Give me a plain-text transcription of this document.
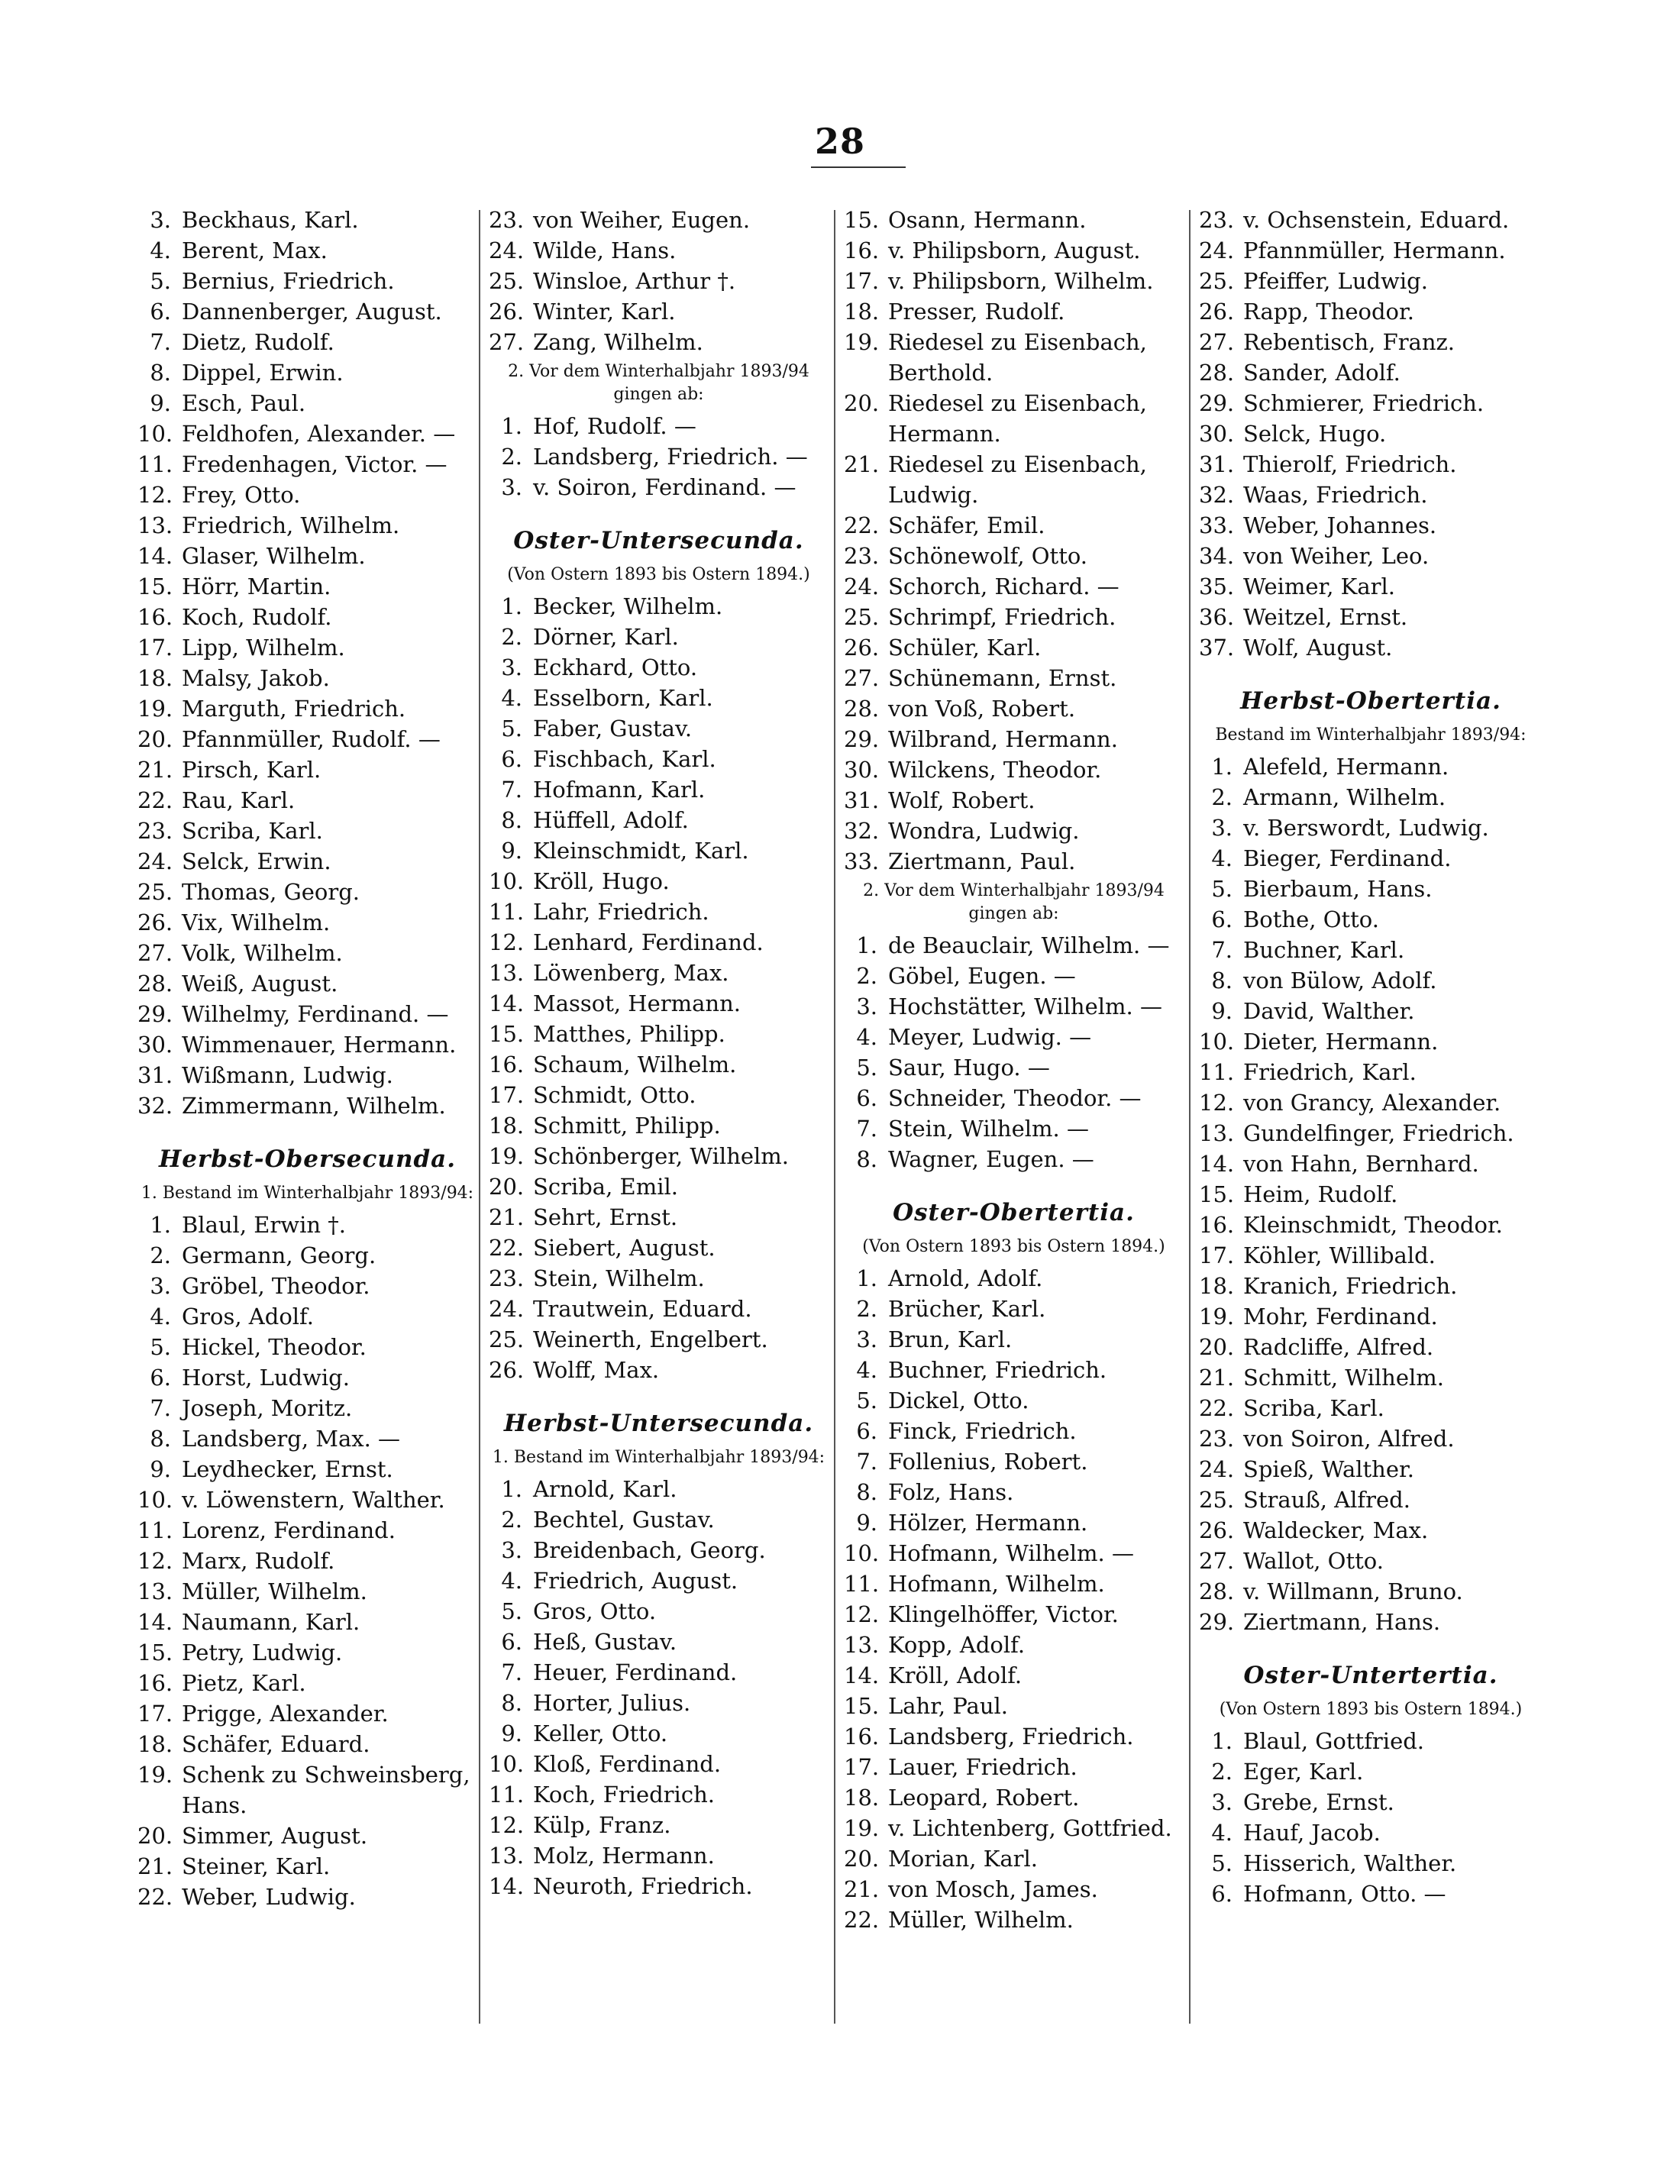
28
3. Beckhaus, Karl.
4. Berent, Max.
5. Bernius, Friedrich.
6. Dannenberger, August.
7. Dietz, Rudolf.
8. Dippel, Erwin.
9. Esch, Paul.
10. Feldhofen, Alexander. —
11. Fredenhagen, Victor. —
12. Frey, Otto.
13. Friedrich, Wilhelm.
14. Glaser, Wilhelm.
15. Hörr, Martin.
16. Koch, Rudolf.
17. Lipp, Wilhelm.
18. Malsy, Jakob.
19. Marguth, Friedrich.
20. Pfannmüller, Rudolf. —
21. Pirsch, Karl.
22. Rau, Karl.
23. Scriba, Karl.
24. Selck, Erwin.
25. Thomas, Georg.
26. Vix, Wilhelm.
27. Volk, Wilhelm.
28. Weiß, August.
29. Wilhelmy, Ferdinand. —
30. Wimmenauer, Hermann.
31. Wißmann, Ludwig.
32. Zimmermann, Wilhelm.
Herbst-Obersecunda.
1. Bestand im Winterhalbjahr 1893/94:
1. Blaul, Erwin †.
2. Germann, Georg.
3. Gröbel, Theodor.
4. Gros, Adolf.
5. Hickel, Theodor.
6. Horst, Ludwig.
7. Joseph, Moritz.
8. Landsberg, Max. —
9. Leydhecker, Ernst.
10. v. Löwenstern, Walther.
11. Lorenz, Ferdinand.
12. Marx, Rudolf.
13. Müller, Wilhelm.
14. Naumann, Karl.
15. Petry, Ludwig.
16. Pietz, Karl.
17. Prigge, Alexander.
18. Schäfer, Eduard.
19. Schenk zu Schweinsberg,
Hans.
20. Simmer, August.
21. Steiner, Karl.
22. Weber, Ludwig.
23. von Weiher, Eugen.
24. Wilde, Hans.
25. Winsloe, Arthur †.
26. Winter, Karl.
27. Zang, Wilhelm.
2. Vor dem Winterhalbjahr 1893/94 gingen ab:
1. Hof, Rudolf. —
2. Landsberg, Friedrich. —
3. v. Soiron, Ferdinand. —
Oster-Untersecunda.
(Von Ostern 1893 bis Ostern 1894.)
1. Becker, Wilhelm.
2. Dörner, Karl.
3. Eckhard, Otto.
4. Esselborn, Karl.
5. Faber, Gustav.
6. Fischbach, Karl.
7. Hofmann, Karl.
8. Hüffell, Adolf.
9. Kleinschmidt, Karl.
10. Kröll, Hugo.
11. Lahr, Friedrich.
12. Lenhard, Ferdinand.
13. Löwenberg, Max.
14. Massot, Hermann.
15. Matthes, Philipp.
16. Schaum, Wilhelm.
17. Schmidt, Otto.
18. Schmitt, Philipp.
19. Schönberger, Wilhelm.
20. Scriba, Emil.
21. Sehrt, Ernst.
22. Siebert, August.
23. Stein, Wilhelm.
24. Trautwein, Eduard.
25. Weinerth, Engelbert.
26. Wolff, Max.
Herbst-Untersecunda.
1. Bestand im Winterhalbjahr 1893/94:
1. Arnold, Karl.
2. Bechtel, Gustav.
3. Breidenbach, Georg.
4. Friedrich, August.
5. Gros, Otto.
6. Heß, Gustav.
7. Heuer, Ferdinand.
8. Horter, Julius.
9. Keller, Otto.
10. Kloß, Ferdinand.
11. Koch, Friedrich.
12. Külp, Franz.
13. Molz, Hermann.
14. Neuroth, Friedrich.
15. Osann, Hermann.
16. v. Philipsborn, August.
17. v. Philipsborn, Wilhelm.
18. Presser, Rudolf.
19. Riedesel zu Eisenbach,
Berthold.
20. Riedesel zu Eisenbach,
Hermann.
21. Riedesel zu Eisenbach,
Ludwig.
22. Schäfer, Emil.
23. Schönewolf, Otto.
24. Schorch, Richard. —
25. Schrimpf, Friedrich.
26. Schüler, Karl.
27. Schünemann, Ernst.
28. von Voß, Robert.
29. Wilbrand, Hermann.
30. Wilckens, Theodor.
31. Wolf, Robert.
32. Wondra, Ludwig.
33. Ziertmann, Paul.
2. Vor dem Winterhalbjahr 1893/94 gingen ab:
1. de Beauclair, Wilhelm. —
2. Göbel, Eugen. —
3. Hochstätter, Wilhelm. —
4. Meyer, Ludwig. —
5. Saur, Hugo. —
6. Schneider, Theodor. —
7. Stein, Wilhelm. —
8. Wagner, Eugen. —
Oster-Obertertia.
(Von Ostern 1893 bis Ostern 1894.)
1. Arnold, Adolf.
2. Brücher, Karl.
3. Brun, Karl.
4. Buchner, Friedrich.
5. Dickel, Otto.
6. Finck, Friedrich.
7. Follenius, Robert.
8. Folz, Hans.
9. Hölzer, Hermann.
10. Hofmann, Wilhelm. —
11. Hofmann, Wilhelm.
12. Klingelhöffer, Victor.
13. Kopp, Adolf.
14. Kröll, Adolf.
15. Lahr, Paul.
16. Landsberg, Friedrich.
17. Lauer, Friedrich.
18. Leopard, Robert.
19. v. Lichtenberg, Gottfried.
20. Morian, Karl.
21. von Mosch, James.
22. Müller, Wilhelm.
23. v. Ochsenstein, Eduard.
24. Pfannmüller, Hermann.
25. Pfeiffer, Ludwig.
26. Rapp, Theodor.
27. Rebentisch, Franz.
28. Sander, Adolf.
29. Schmierer, Friedrich.
30. Selck, Hugo.
31. Thierolf, Friedrich.
32. Waas, Friedrich.
33. Weber, Johannes.
34. von Weiher, Leo.
35. Weimer, Karl.
36. Weitzel, Ernst.
37. Wolf, August.
Herbst-Obertertia.
Bestand im Winterhalbjahr 1893/94:
1. Alefeld, Hermann.
2. Armann, Wilhelm.
3. v. Berswordt, Ludwig.
4. Bieger, Ferdinand.
5. Bierbaum, Hans.
6. Bothe, Otto.
7. Buchner, Karl.
8. von Bülow, Adolf.
9. David, Walther.
10. Dieter, Hermann.
11. Friedrich, Karl.
12. von Grancy, Alexander.
13. Gundelfinger, Friedrich.
14. von Hahn, Bernhard.
15. Heim, Rudolf.
16. Kleinschmidt, Theodor.
17. Köhler, Willibald.
18. Kranich, Friedrich.
19. Mohr, Ferdinand.
20. Radcliffe, Alfred.
21. Schmitt, Wilhelm.
22. Scriba, Karl.
23. von Soiron, Alfred.
24. Spieß, Walther.
25. Strauß, Alfred.
26. Waldecker, Max.
27. Wallot, Otto.
28. v. Willmann, Bruno.
29. Ziertmann, Hans.
Oster-Untertertia.
(Von Ostern 1893 bis Ostern 1894.)
1. Blaul, Gottfried.
2. Eger, Karl.
3. Grebe, Ernst.
4. Hauf, Jacob.
5. Hisserich, Walther.
6. Hofmann, Otto. —
